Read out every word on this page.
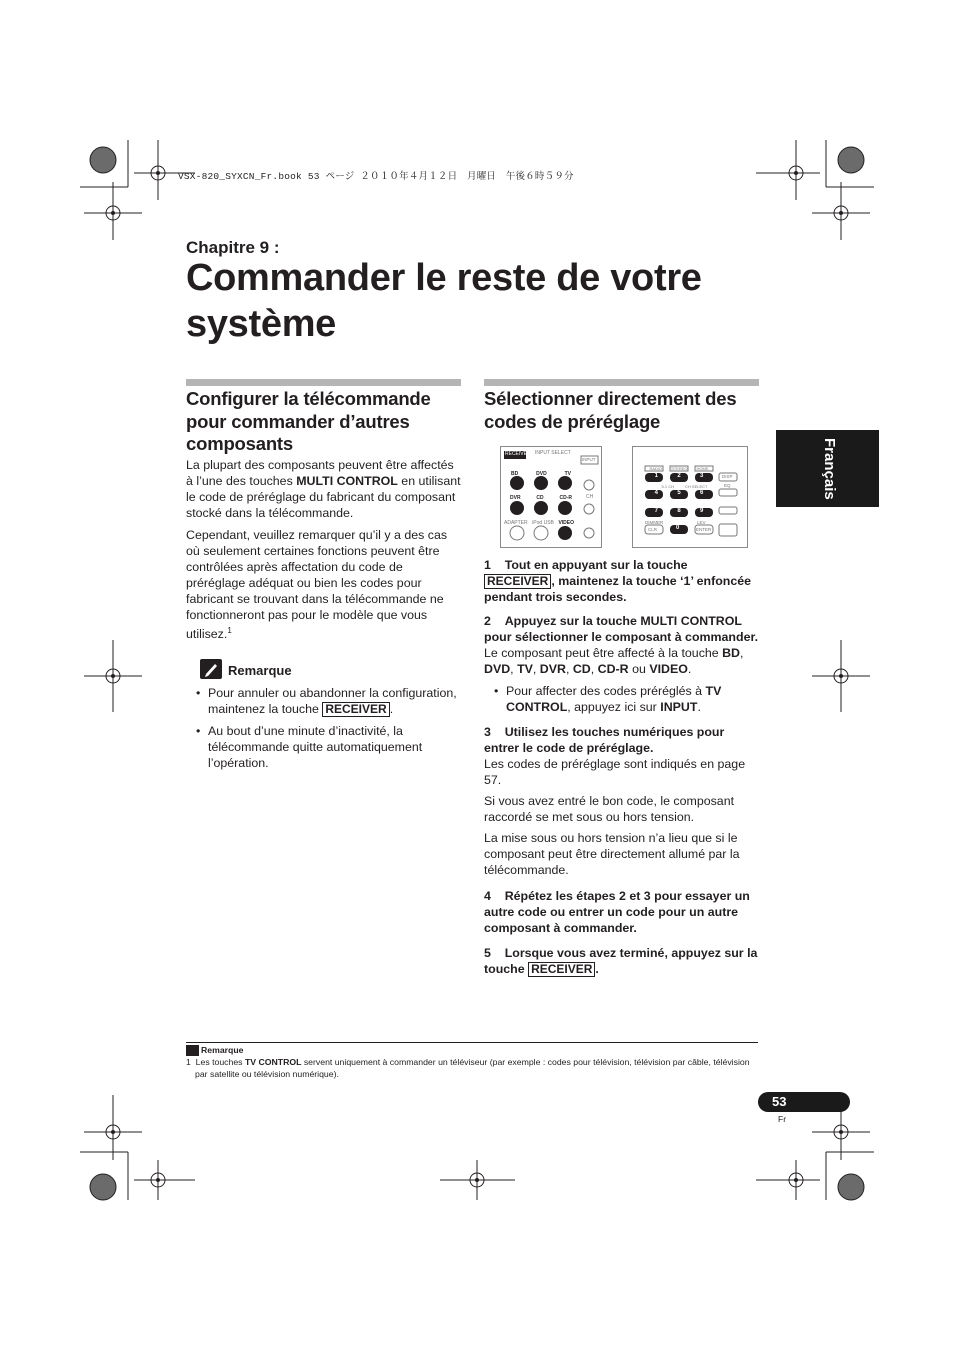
VSX-820_SYXCN_Fr.book 53 ページ ２０１０年４月１２日　月曜日　午後６時５９分
Chapitre 9 :
Commander le reste de votre
système
Français
Configurer la télécommande pour commander d’autres composants

La plupart des composants peuvent être affectés à l’une des touches MULTI CONTROL en utilisant le code de préréglage du fabricant du composant stocké dans la télécommande.

Cependant, veuillez remarquer qu’il y a des cas où seulement certaines fonctions peuvent être contrôlées après affectation du code de préréglage adéquat ou bien les codes pour fabricant se trouvant dans la télécommande ne fonctionneront pas pour le modèle que vous utilisez.$^1$

Remarque
• Pour annuler ou abandonner la configuration, maintenez la touche RECEIVER .
• Au bout d’une minute d’inactivité, la télécommande quitte automatiquement l’opération.
Sélectionner directement des codes de préréglage
RECEIVER INPUT SELECT
INPUT
BD	DVD	TV
DVR	CD	CD-R
ADAPTER iPod USB VIDEO
CH
1	2	3
4	5	6
7	8	9
0
CLR	ENTER
DISP
EQ
DIMMER	LEV
RADIO STEREO HOME
5.1 CH	CH SELECT
1 Tout en appuyant sur la touche
RECEIVER , maintenez la touche ‘1’ enfoncée pendant trois secondes.
2 Appuyez sur la touche MULTI CONTROL pour sélectionner le composant à commander.
Le composant peut être affecté à la touche BD, DVD, TV, DVR, CD, CD-R ou VIDEO.
• Pour affecter des codes préréglés à TV CONTROL, appuyez ici sur INPUT.
3 Utilisez les touches numériques pour entrer le code de préréglage.

Les codes de préréglage sont indiqués en page 57.

Si vous avez entré le bon code, le composant raccordé se met sous ou hors tension.

La mise sous ou hors tension n’a lieu que si le composant peut être directement allumé par la télécommande.

4 Répétez les étapes 2 et 3 pour essayer un autre code ou entrer un code pour un autre composant à commander.
5 Lorsque vous avez terminé, appuyez sur la touche RECEIVER .
Remarque
1 Les touches TV CONTROL servent uniquement à commander un téléviseur (par exemple : codes pour télévision, télévision par câble, télévision par satellite ou télévision numérique).
53
Fr
